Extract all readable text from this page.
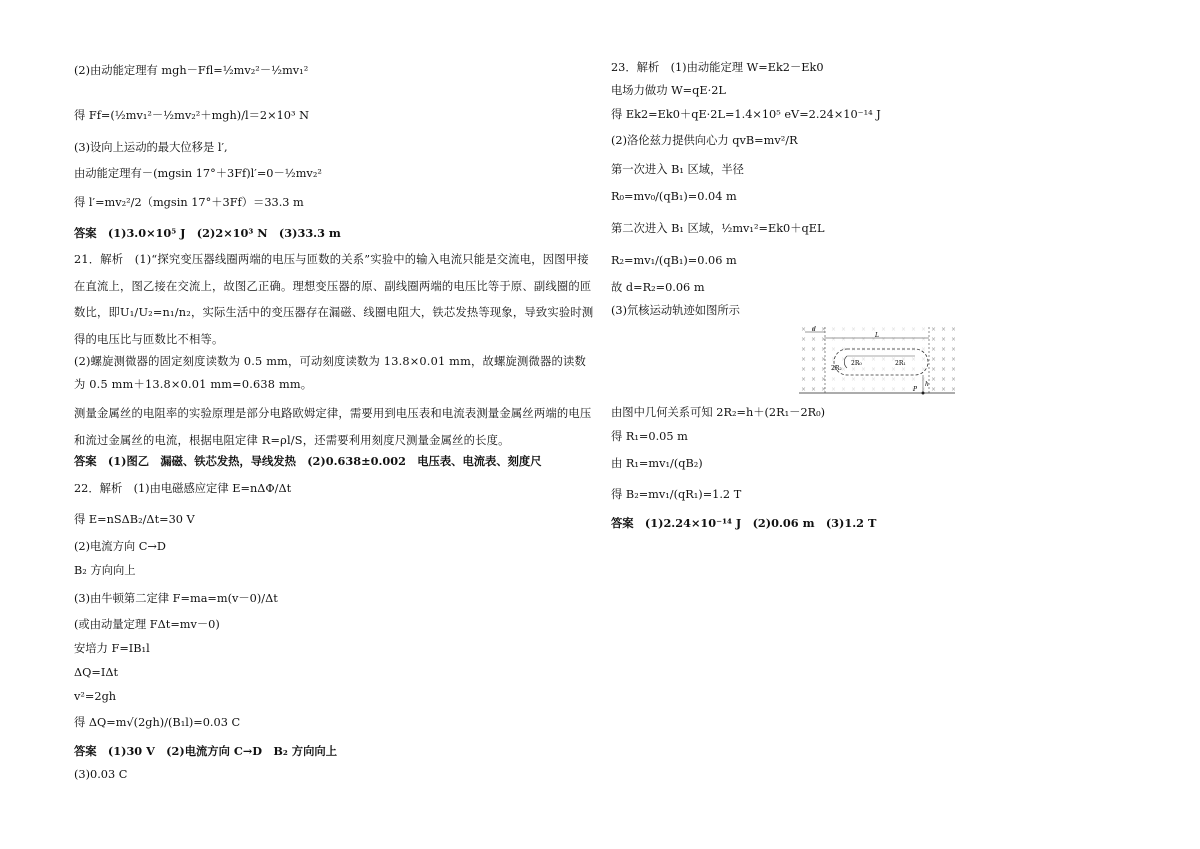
(2)由动能定理有 mgh－Ffl=½mv₂²－½mv₁²
得 Ff=(½mv₁²－½mv₂²＋mgh)/l＝2×10³ N
(3)设向上运动的最大位移是 l′,
由动能定理有－(mgsin 17°＋3Ff)l′=0－½mv₂²
得 l′=mv₂²/2（mgsin 17°＋3Ff）＝33.3 m
答案　(1)3.0×10⁵ J　(2)2×10³ N　(3)33.3 m
21．解析　(1)“探究变压器线圈两端的电压与匝数的关系”实验中的输入电流只能是交流电，因图甲接在直流上，图乙接在交流上，故图乙正确。理想变压器的原、副线圈两端的电压比等于原、副线圈的匝数比，即U₁/U₂=n₁/n₂，实际生活中的变压器存在漏磁、线圈电阻大，铁芯发热等现象，导致实验时测得的电压比与匝数比不相等。
(2)螺旋测微器的固定刻度读数为 0.5 mm，可动刻度读数为 13.8×0.01 mm，故螺旋测微器的读数为 0.5 mm＋13.8×0.01 mm=0.638 mm。
测量金属丝的电阻率的实验原理是部分电路欧姆定律，需要用到电压表和电流表测量金属丝两端的电压和流过金属丝的电流，根据电阻定律 R=ρl/S，还需要利用刻度尺测量金属丝的长度。
答案　(1)图乙　漏磁、铁芯发热，导线发热　(2)0.638±0.002　电压表、电流表、刻度尺
22．解析　(1)由电磁感应定律 E=nΔΦ/Δt
得 E=nSΔB₂/Δt=30 V
(2)电流方向 C→D
B₂ 方向向上
(3)由牛顿第二定律 F=ma=m(v－0)/Δt
(或由动量定理 FΔt=mv－0)
安培力 F=IB₁l
ΔQ=IΔt
v²=2gh
得 ΔQ=m√(2gh)/(B₁l)=0.03 C
答案　(1)30 V　(2)电流方向 C→D　B₂ 方向向上
(3)0.03 C
23．解析　(1)由动能定理 W=Ek2－Ek0
电场力做功 W=qE·2L
得 Ek2=Ek0＋qE·2L=1.4×10⁵ eV=2.24×10⁻¹⁴ J
(2)洛伦兹力提供向心力 qvB=mv²/R
第一次进入 B₁ 区域，半径
R₀=mv₀/(qB₁)=0.04 m
第二次进入 B₁ 区域，½mv₁²=Ek0＋qEL
R₂=mv₁/(qB₁)=0.06 m
故 d=R₂=0.06 m
(3)氘核运动轨迹如图所示
d
L
2R₁
2R₀
2R₂
h
P
由图中几何关系可知 2R₂=h＋(2R₁－2R₀)
得 R₁=0.05 m
由 R₁=mv₁/(qB₂)
得 B₂=mv₁/(qR₁)=1.2 T
答案　(1)2.24×10⁻¹⁴ J　(2)0.06 m　(3)1.2 T
